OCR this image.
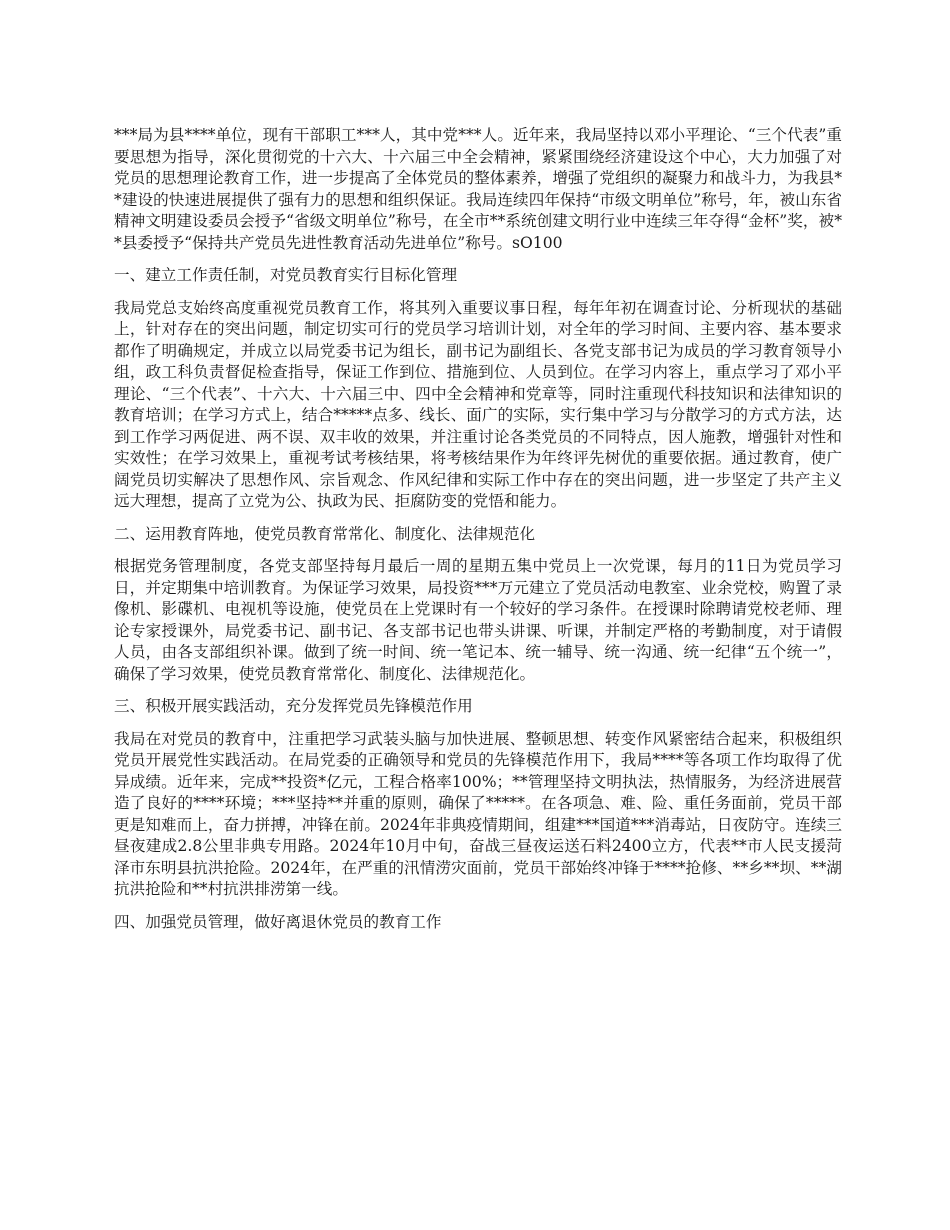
***局为县****单位，现有干部职工***人，其中党***人。近年来，我局坚持以邓小平理论、“三个代表”重要思想为指导，深化贯彻党的十六大、十六届三中全会精神，紧紧围绕经济建设这个中心，大力加强了对党员的思想理论教育工作，进一步提高了全体党员的整体素养，增强了党组织的凝聚力和战斗力，为我县**建设的快速进展提供了强有力的思想和组织保证。我局连续四年保持“市级文明单位”称号，年，被山东省精神文明建设委员会授予“省级文明单位”称号，在全市**系统创建文明行业中连续三年夺得“金杯”奖，被**县委授予“保持共产党员先进性教育活动先进单位”称号。sO100

一、建立工作责任制，对党员教育实行目标化管理

我局党总支始终高度重视党员教育工作，将其列入重要议事日程，每年年初在调查讨论、分析现状的基础上，针对存在的突出问题，制定切实可行的党员学习培训计划，对全年的学习时间、主要内容、基本要求都作了明确规定，并成立以局党委书记为组长，副书记为副组长、各党支部书记为成员的学习教育领导小组，政工科负责督促检查指导，保证工作到位、措施到位、人员到位。在学习内容上，重点学习了邓小平理论、“三个代表”、十六大、十六届三中、四中全会精神和党章等，同时注重现代科技知识和法律知识的教育培训；在学习方式上，结合*****点多、线长、面广的实际，实行集中学习与分散学习的方式方法，达到工作学习两促进、两不误、双丰收的效果，并注重讨论各类党员的不同特点，因人施教，增强针对性和实效性；在学习效果上，重视考试考核结果，将考核结果作为年终评先树优的重要依据。通过教育，使广阔党员切实解决了思想作风、宗旨观念、作风纪律和实际工作中存在的突出问题，进一步坚定了共产主义远大理想，提高了立党为公、执政为民、拒腐防变的党悟和能力。

二、运用教育阵地，使党员教育常常化、制度化、法律规范化

根据党务管理制度，各党支部坚持每月最后一周的星期五集中党员上一次党课，每月的11日为党员学习日，并定期集中培训教育。为保证学习效果，局投资***万元建立了党员活动电教室、业余党校，购置了录像机、影碟机、电视机等设施，使党员在上党课时有一个较好的学习条件。在授课时除聘请党校老师、理论专家授课外，局党委书记、副书记、各支部书记也带头讲课、听课，并制定严格的考勤制度，对于请假人员，由各支部组织补课。做到了统一时间、统一笔记本、统一辅导、统一沟通、统一纪律“五个统一”，确保了学习效果，使党员教育常常化、制度化、法律规范化。

三、积极开展实践活动，充分发挥党员先锋模范作用

我局在对党员的教育中，注重把学习武装头脑与加快进展、整顿思想、转变作风紧密结合起来，积极组织党员开展党性实践活动。在局党委的正确领导和党员的先锋模范作用下，我局****等各项工作均取得了优异成绩。近年来，完成**投资*亿元，工程合格率100%；**管理坚持文明执法，热情服务，为经济进展营造了良好的****环境；***坚持**并重的原则，确保了*****。在各项急、难、险、重任务面前，党员干部更是知难而上，奋力拼搏，冲锋在前。2024年非典疫情期间，组建***国道***消毒站，日夜防守。连续三昼夜建成2.8公里非典专用路。2024年10月中旬，奋战三昼夜运送石料2400立方，代表**市人民支援菏泽市东明县抗洪抢险。2024年，在严重的汛情涝灾面前，党员干部始终冲锋于****抢修、**乡**坝、**湖抗洪抢险和**村抗洪排涝第一线。

四、加强党员管理，做好离退休党员的教育工作
